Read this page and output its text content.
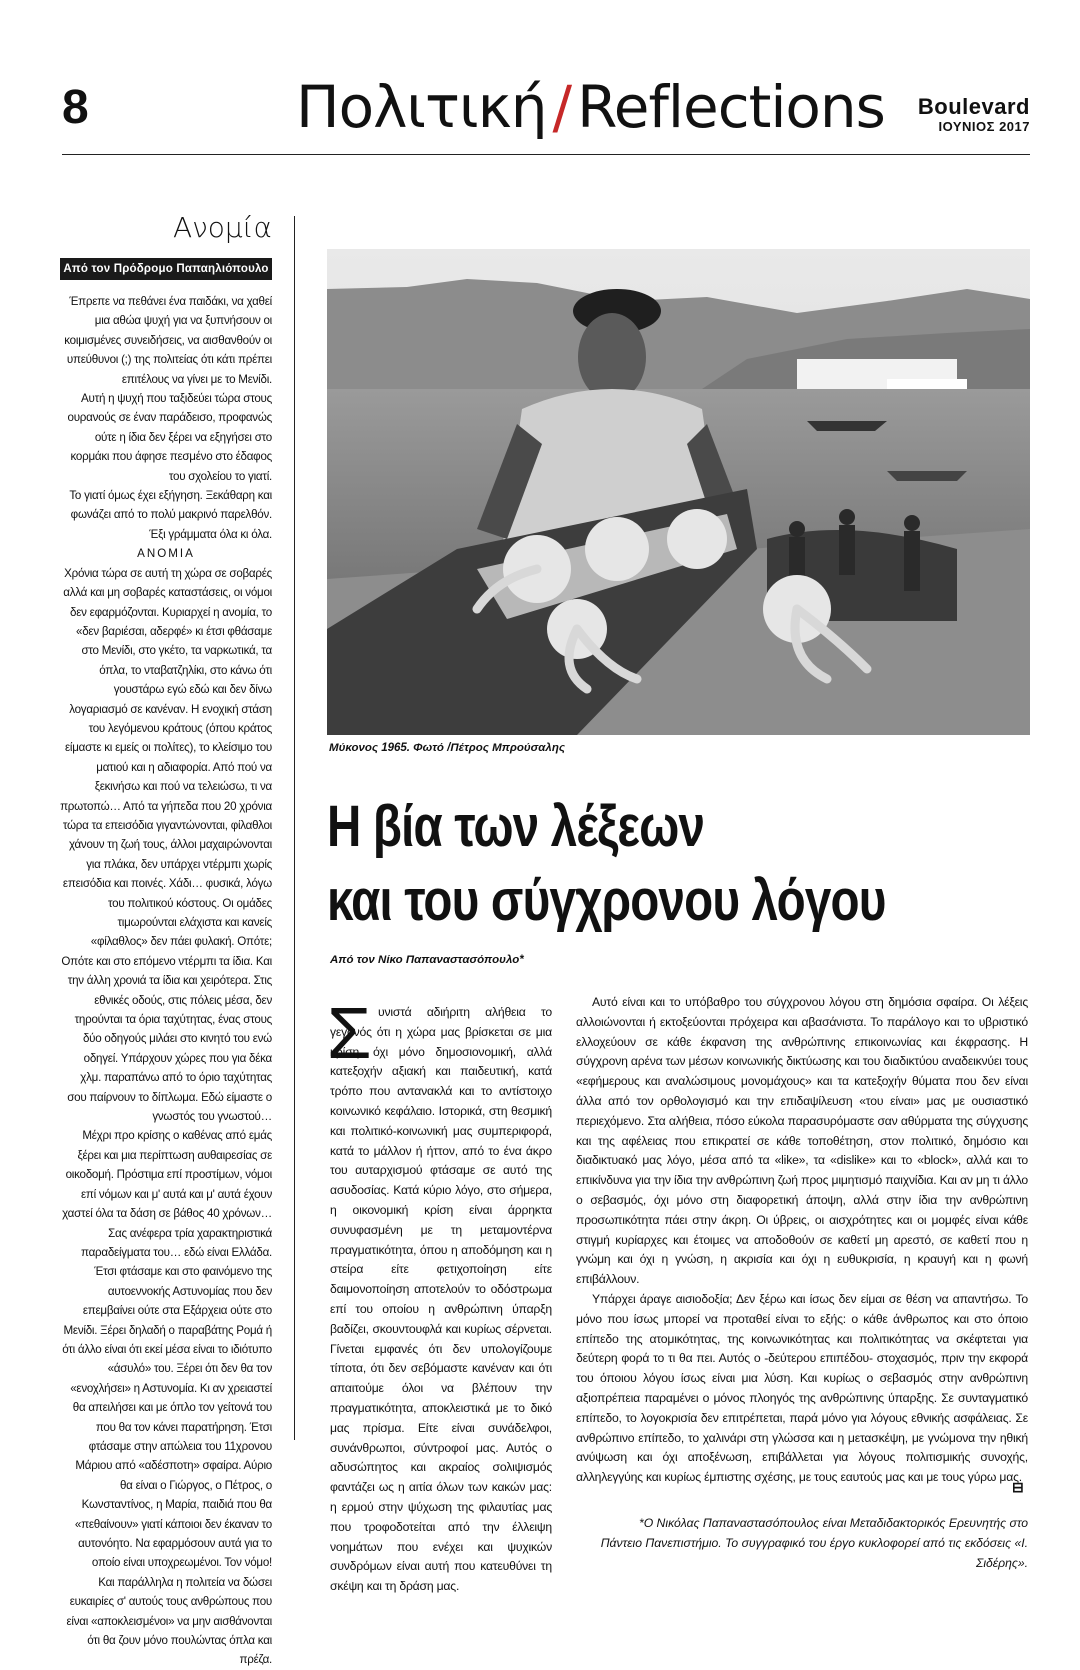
8	Πολιτική / Reflections Boulevard
ΙΟΥΝΙΟΣ 2017
Ανομία
Από τον Πρόδρομο Παπαηλιόπουλο

Έπρεπε να πεθάνει ένα παιδάκι, να χαθεί μια αθώα ψυχή για να ξυπνήσουν οι κοιμισμένες συνειδήσεις, να αισθανθούν οι υπεύθυνοι (;) της πολιτείας ότι κάτι πρέπει επιτέλους να γίνει με το Μενίδι.

Αυτή η ψυχή που ταξιδεύει τώρα στους ουρανούς σε έναν παράδεισο, προφανώς ούτε η ίδια δεν ξέρει να εξηγήσει στο κορμάκι που άφησε πεσμένο στο έδαφος του σχολείου το γιατί.

Το γιατί όμως έχει εξήγηση. Ξεκάθαρη και φωνάζει από το πολύ μακρινό παρελθόν. Έξι γράμματα όλα κι όλα.

ΑΝΟΜΙΑ

Χρόνια τώρα σε αυτή τη χώρα σε σοβαρές αλλά και μη σοβαρές καταστάσεις, οι νόμοι δεν εφαρμόζονται. Κυριαρχεί η ανομία, το «δεν βαριέσαι, αδερφέ» κι έτσι φθάσαμε στο Μενίδι, στο γκέτο, τα ναρκωτικά, τα όπλα, το νταβατζηλίκι, στο κάνω ότι γουστάρω εγώ εδώ και δεν δίνω λογαριασμό σε κανέναν. Η ενοχική στάση του λεγόμενου κράτους (όπου κράτος είμαστε κι εμείς οι πολίτες), το κλείσιμο του ματιού και η αδιαφορία. Από πού να ξεκινήσω και πού να τελειώσω, τι να πρωτοπώ… Από τα γήπεδα που 20 χρόνια τώρα τα επεισόδια γιγαντώνονται, φίλαθλοι χάνουν τη ζωή τους, άλλοι μαχαιρώνονται για πλάκα, δεν υπάρχει ντέρμπι χωρίς επεισόδια και ποινές. Χάδι… φυσικά, λόγω του πολιτικού κόστους. Οι ομάδες τιμωρούνται ελάχιστα και κανείς «φίλαθλος» δεν πάει φυλακή. Οπότε; Οπότε και στο επόμενο ντέρμπι τα ίδια. Και την άλλη χρονιά τα ίδια και χειρότερα. Στις εθνικές οδούς, στις πόλεις μέσα, δεν τηρούνται τα όρια ταχύτητας, ένας στους δύο οδηγούς μιλάει στο κινητό του ενώ οδηγεί. Υπάρχουν χώρες που για δέκα χλμ. παραπάνω από το όριο ταχύτητας σου παίρνουν το δίπλωμα. Εδώ είμαστε ο γνωστός του γνωστού…

Μέχρι προ κρίσης ο καθένας από εμάς ξέρει και μια περίπτωση αυθαιρεσίας σε οικοδομή. Πρόστιμα επί προστίμων, νόμοι επί νόμων και μ' αυτά και μ' αυτά έχουν χαστεί όλα τα δάση σε βάθος 40 χρόνων… Σας ανέφερα τρία χαρακτηριστικά παραδείγματα του… εδώ είναι Ελλάδα. Έτσι φτάσαμε και στο φαινόμενο της αυτοεννοκής Αστυνομίας που δεν επεμβαίνει ούτε στα Εξάρχεια ούτε στο Μενίδι. Ξέρει δηλαδή ο παραβάτης Ρομά ή ότι άλλο είναι ότι εκεί μέσα είναι το ιδιότυπο «άσυλό» του. Ξέρει ότι δεν θα τον «ενοχλήσει» η Αστυνομία. Κι αν χρειαστεί θα απειλήσει και με όπλο τον γείτονά του που θα τον κάνει παρατήρηση. Έτσι φτάσαμε στην απώλεια του 11χρονου Μάριου από «αδέσποτη» σφαίρα. Αύριο θα είναι ο Γιώργος, ο Πέτρος, ο Κωνσταντίνος, η Μαρία, παιδιά που θα «πεθαίνουν» γιατί κάποιοι δεν έκαναν το αυτονόητο. Να εφαρμόσουν αυτά για το οποίο είναι υποχρεωμένοι. Τον νόμο!

Και παράλληλα η πολιτεία να δώσει ευκαιρίες σ' αυτούς τους ανθρώπους που είναι «αποκλεισμένοι» να μην αισθάνονται ότι θα ζουν μόνο πουλώντας όπλα και πρέζα.

Μύκονος 1965. Φωτό /Πέτρος Μπρούσαλης
Η βία των λέξεων
και του σύγχρονου λόγου
Από τον Νίκο Παπαναστασόπουλο*
Σ υνιστά αδιήριτη αλήθεια το γεγονός ότι η χώρα μας βρίσκεται σε μια κρίση, όχι μόνο δημοσιονομική, αλλά κατεξοχήν αξιακή και παιδευτική, κατά τρόπο που αντανακλά και το αντίστοιχο κοινωνικό κεφάλαιο. Ιστορικά, στη θεσμική και πολιτικό-κοινωνική μας συμπεριφορά, κατά το μάλλον ή ήττον, από το ένα άκρο του αυταρχισμού φτάσαμε σε αυτό της ασυδοσίας. Κατά κύριο λόγο, στο σήμερα, η οικονομική κρίση είναι άρρηκτα συνυφασμένη με τη μεταμοντέρνα πραγματικότητα, όπου η αποδόμηση και η στείρα είτε φετιχοποίηση είτε δαιμονοποίηση αποτελούν το οδόστρωμα επί του οποίου η ανθρώπινη ύπαρξη βαδίζει, σκουντουφλά και κυρίως σέρνεται. Γίνεται εμφανές ότι δεν υπολογίζουμε τίποτα, ότι δεν σεβόμαστε κανέναν και ότι απαιτούμε όλοι να βλέπουν την πραγματικότητα, αποκλειστικά με το δικό μας πρίσμα. Είτε είναι συνάδελφοι, συνάνθρωποι, σύντροφοί μας. Αυτός ο αδυσώπητος και ακραίος σολιψισμός φαντάζει ως η αιτία όλων των κακών μας: η ερμού στην ψύχωση της φιλαυτίας μας που τροφοδοτείται από την έλλειψη νοημάτων που ενέχει και ψυχικών συνδρόμων είναι αυτή που κατευθύνει τη σκέψη και τη δράση μας.

Αυτό είναι και το υπόβαθρο του σύγχρονου λόγου στη δημόσια σφαίρα. Οι λέξεις αλλοιώνονται ή εκτοξεύονται πρόχειρα και αβασάνιστα. Το παράλογο και το υβριστικό ελλοχεύουν σε κάθε έκφανση της ανθρώπινης επικοινωνίας και έκφρασης. Η σύγχρονη αρένα των μέσων κοινωνικής δικτύωσης και του διαδικτύου αναδεικνύει τους «εφήμερους και αναλώσιμους μονομάχους» και τα κατεξοχήν θύματα που δεν είναι άλλα από τον ορθολογισμό και την επιδαψίλευση «του είναι» μας με ουσιαστικό περιεχόμενο. Στα αλήθεια, πόσο εύκολα παρασυρόμαστε σαν αθύρματα της σύγχυσης και της αφέλειας που επικρατεί σε κάθε τοποθέτηση, στον πολιτικό, δημόσιο και διαδικτυακό μας λόγο, μέσα από τα «like», τα «dislike» και το «block», αλλά και το επικίνδυνα για την ίδια την ανθρώπινη ζωή προς μιμητισμό παιχνίδια. Και αν μη τι άλλο ο σεβασμός, όχι μόνο στη διαφορετική άποψη, αλλά στην ίδια την ανθρώπινη προσωπικότητα πάει στην άκρη. Οι ύβρεις, οι αισχρότητες και οι μομφές είναι κάθε στιγμή κυρίαρχες και έτοιμες να αποδοθούν σε καθετί μη αρεστό, σε καθετί που η γνώμη και όχι η γνώση, η ακρισία και όχι η ευθυκρισία, η κραυγή και η φωνή επιβάλλουν.

Υπάρχει άραγε αισιοδοξία; Δεν ξέρω και ίσως δεν είμαι σε θέση να απαντήσω. Το μόνο που ίσως μπορεί να προταθεί είναι το εξής: ο κάθε άνθρωπος και στο όποιο επίπεδο της ατομικότητας, της κοινωνικότητας και πολιτικότητας να σκέφτεται για δεύτερη φορά το τι θα πει. Αυτός ο -δεύτερου επιπέδου- στοχασμός, πριν την εκφορά του όποιου λόγου ίσως είναι μια λύση. Και κυρίως ο σεβασμός στην ανθρώπινη αξιοπρέπεια παραμένει ο μόνος πλοηγός της ανθρώπινης ύπαρξης. Σε συνταγματικό επίπεδο, το λογοκρισία δεν επιτρέπεται, παρά μόνο για λόγους εθνικής ασφάλειας. Σε ανθρώπινο επίπεδο, το χαλινάρι στη γλώσσα και η μετασκέψη, με γνώμονα την ηθική ανύψωση και όχι αποξένωση, επιβάλλεται για λόγους πολιτισμικής συνοχής, αλληλεγγύης και κυρίως έμπιστης σχέσης, με τους εαυτούς μας και με τους γύρω μας.

⊟
*Ο Νικόλας Παπαναστασόπουλος είναι Μεταδιδακτορικός Ερευνητής στο Πάντειο Πανεπιστήμιο. Το συγγραφικό του έργο κυκλοφορεί από τις εκδόσεις «Ι. Σιδέρης».
